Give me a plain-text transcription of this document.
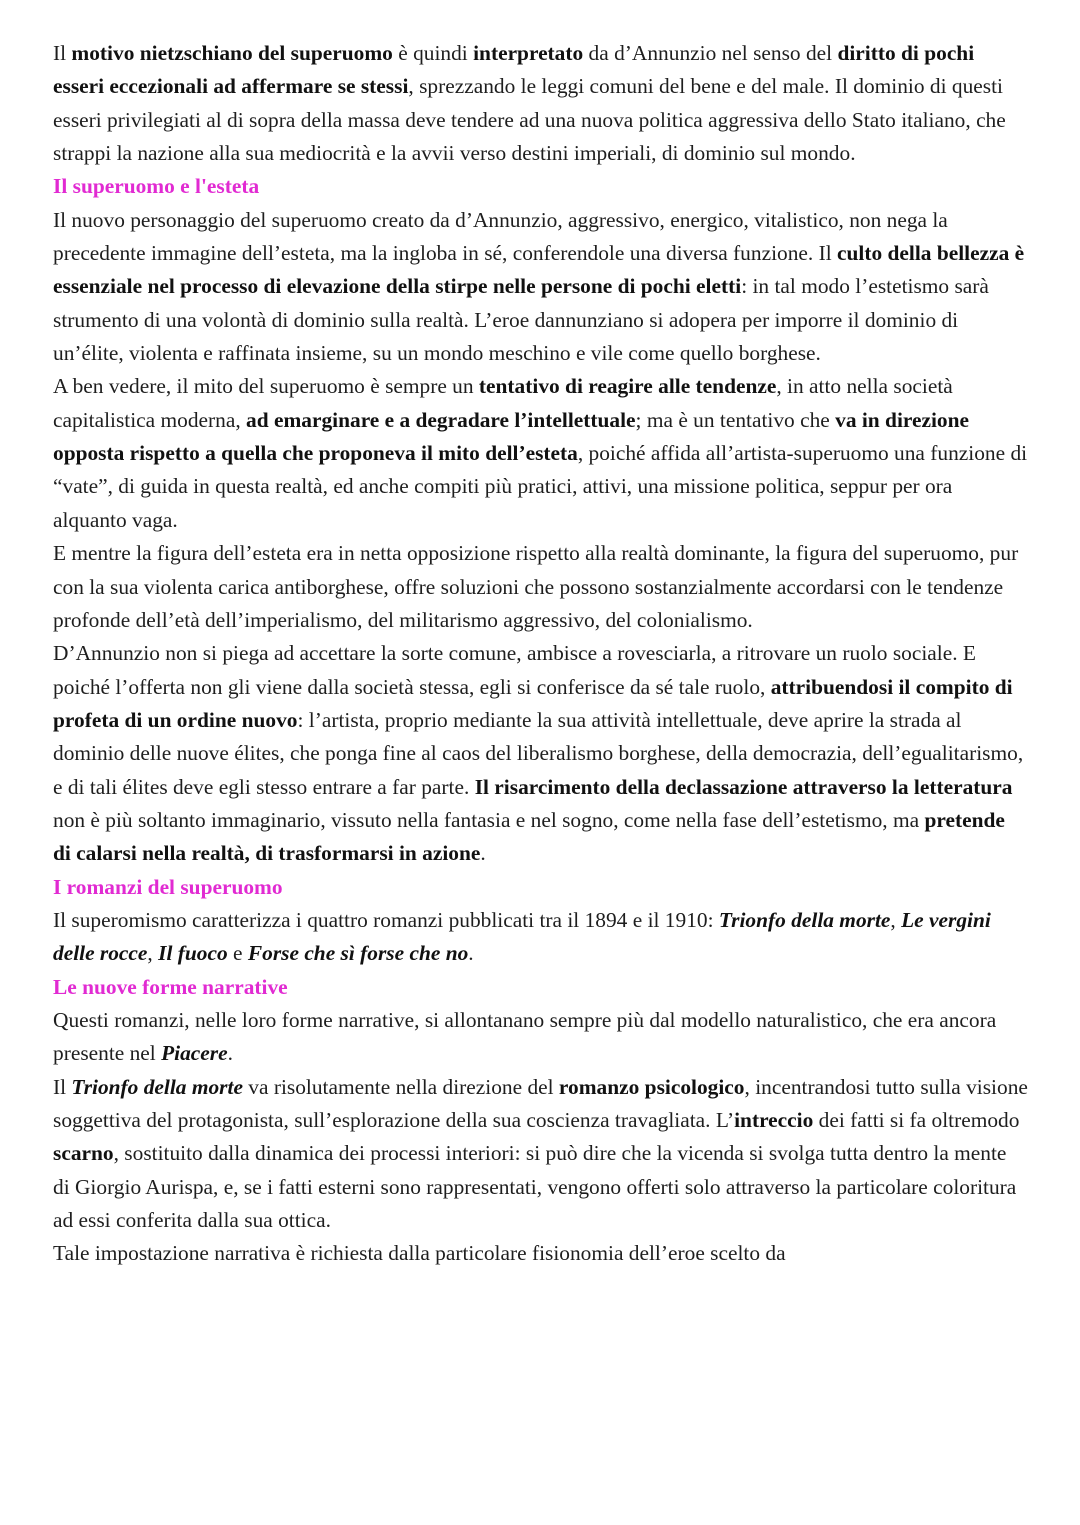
Il motivo nietzschiano del superuomo è quindi interpretato da d’Annunzio nel senso del diritto di pochi esseri eccezionali ad affermare se stessi, sprezzando le leggi comuni del bene e del male. Il dominio di questi esseri privilegiati al di sopra della massa deve tendere ad una nuova politica aggressiva dello Stato italiano, che strappi la nazione alla sua mediocrità e la avvii verso destini imperiali, di dominio sul mondo.

Il superuomo e l'esteta

Il nuovo personaggio del superuomo creato da d’Annunzio, aggressivo, energico, vitalistico, non nega la precedente immagine dell’esteta, ma la ingloba in sé, conferendole una diversa funzione. Il culto della bellezza è essenziale nel processo di elevazione della stirpe nelle persone di pochi eletti: in tal modo l’estetismo sarà strumento di una volontà di dominio sulla realtà. L’eroe dannunziano si adopera per imporre il dominio di un’élite, violenta e raffinata insieme, su un mondo meschino e vile come quello borghese.

A ben vedere, il mito del superuomo è sempre un tentativo di reagire alle tendenze, in atto nella società capitalistica moderna, ad emarginare e a degradare l’intellettuale; ma è un tentativo che va in direzione opposta rispetto a quella che proponeva il mito dell’esteta, poiché affida all’artista-superuomo una funzione di “vate”, di guida in questa realtà, ed anche compiti più pratici, attivi, una missione politica, seppur per ora alquanto vaga.

E mentre la figura dell’esteta era in netta opposizione rispetto alla realtà dominante, la figura del superuomo, pur con la sua violenta carica antiborghese, offre soluzioni che possono sostanzialmente accordarsi con le tendenze profonde dell’età dell’imperialismo, del militarismo aggressivo, del colonialismo.

D’Annunzio non si piega ad accettare la sorte comune, ambisce a rovesciarla, a ritrovare un ruolo sociale. E poiché l’offerta non gli viene dalla società stessa, egli si conferisce da sé tale ruolo, attribuendosi il compito di profeta di un ordine nuovo: l’artista, proprio mediante la sua attività intellettuale, deve aprire la strada al dominio delle nuove élites, che ponga fine al caos del liberalismo borghese, della democrazia, dell’egualitarismo, e di tali élites deve egli stesso entrare a far parte. Il risarcimento della declassazione attraverso la letteratura non è più soltanto immaginario, vissuto nella fantasia e nel sogno, come nella fase dell’estetismo, ma pretende di calarsi nella realtà, di trasformarsi in azione.

I romanzi del superuomo

Il superomismo caratterizza i quattro romanzi pubblicati tra il 1894 e il 1910: Trionfo della morte, Le vergini delle rocce, Il fuoco e Forse che sì forse che no.

Le nuove forme narrative

Questi romanzi, nelle loro forme narrative, si allontanano sempre più dal modello naturalistico, che era ancora presente nel Piacere.

Il Trionfo della morte va risolutamente nella direzione del romanzo psicologico, incentrandosi tutto sulla visione soggettiva del protagonista, sull’esplorazione della sua coscienza travagliata. L’intreccio dei fatti si fa oltremodo scarno, sostituito dalla dinamica dei processi interiori: si può dire che la vicenda si svolga tutta dentro la mente di Giorgio Aurispa, e, se i fatti esterni sono rappresentati, vengono offerti solo attraverso la particolare coloritura ad essi conferita dalla sua ottica.

Tale impostazione narrativa è richiesta dalla particolare fisionomia dell’eroe scelto da
